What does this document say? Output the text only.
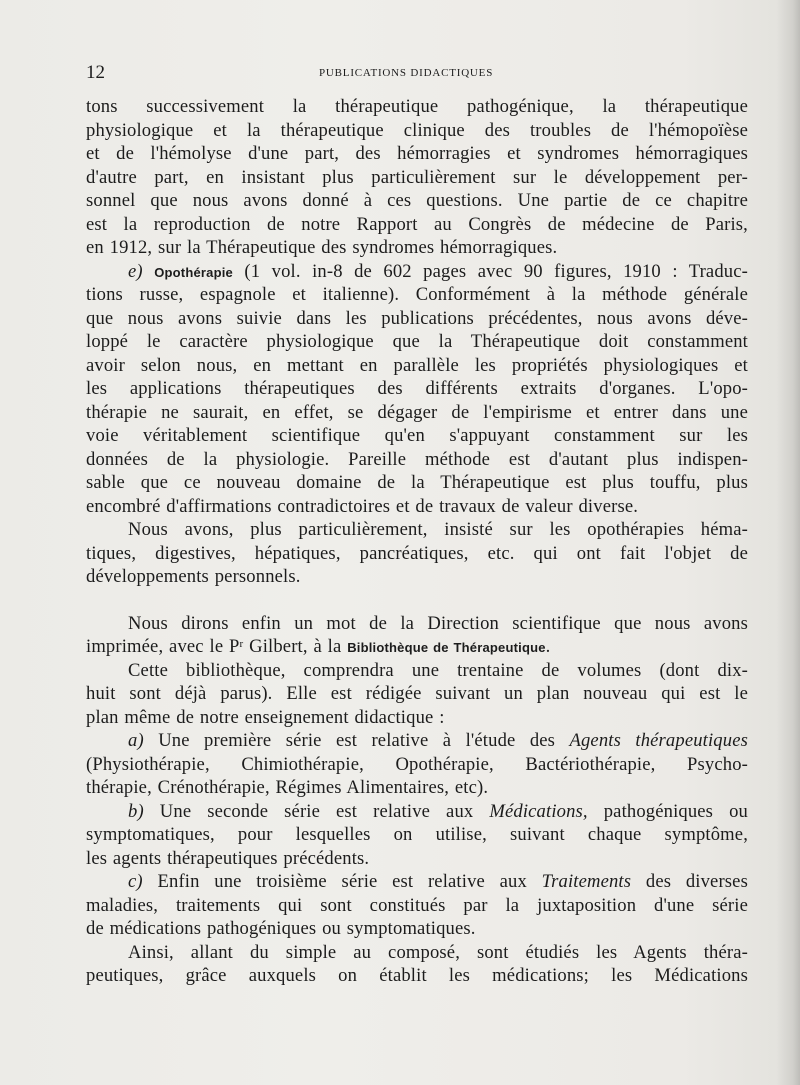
12	PUBLICATIONS DIDACTIQUES
tons successivement la thérapeutique pathogénique, la thérapeutique
physiologique et la thérapeutique clinique des troubles de l'hémopoïèse
et de l'hémolyse d'une part, des hémorragies et syndromes hémorragiques
d'autre part, en insistant plus particulièrement sur le développement per-
sonnel que nous avons donné à ces questions. Une partie de ce chapitre
est la reproduction de notre Rapport au Congrès de médecine de Paris,
en 1912, sur la Thérapeutique des syndromes hémorragiques.
e) Opothérapie (1 vol. in-8 de 602 pages avec 90 figures, 1910 : Traduc-
tions russe, espagnole et italienne). Conformément à la méthode générale
que nous avons suivie dans les publications précédentes, nous avons déve-
loppé le caractère physiologique que la Thérapeutique doit constamment
avoir selon nous, en mettant en parallèle les propriétés physiologiques et
les applications thérapeutiques des différents extraits d'organes. L'opo-
thérapie ne saurait, en effet, se dégager de l'empirisme et entrer dans une
voie véritablement scientifique qu'en s'appuyant constamment sur les
données de la physiologie. Pareille méthode est d'autant plus indispen-
sable que ce nouveau domaine de la Thérapeutique est plus touffu, plus
encombré d'affirmations contradictoires et de travaux de valeur diverse.
Nous avons, plus particulièrement, insisté sur les opothérapies héma-
tiques, digestives, hépatiques, pancréatiques, etc. qui ont fait l'objet de
développements personnels.
Nous dirons enfin un mot de la Direction scientifique que nous avons
imprimée, avec le $P^r$ Gilbert, à la Bibliothèque de Thérapeutique.
Cette bibliothèque, comprendra une trentaine de volumes (dont dix-
huit sont déjà parus). Elle est rédigée suivant un plan nouveau qui est le
plan même de notre enseignement didactique :
a) Une première série est relative à l'étude des Agents thérapeutiques
(Physiothérapie, Chimiothérapie, Opothérapie, Bactériothérapie, Psycho-
thérapie, Crénothérapie, Régimes Alimentaires, etc).
b) Une seconde série est relative aux Médications, pathogéniques ou
symptomatiques, pour lesquelles on utilise, suivant chaque symptôme,
les agents thérapeutiques précédents.
c) Enfin une troisième série est relative aux Traitements des diverses
maladies, traitements qui sont constitués par la juxtaposition d'une série
de médications pathogéniques ou symptomatiques.
Ainsi, allant du simple au composé, sont étudiés les Agents théra-
peutiques, grâce auxquels on établit les médications; les Médications
